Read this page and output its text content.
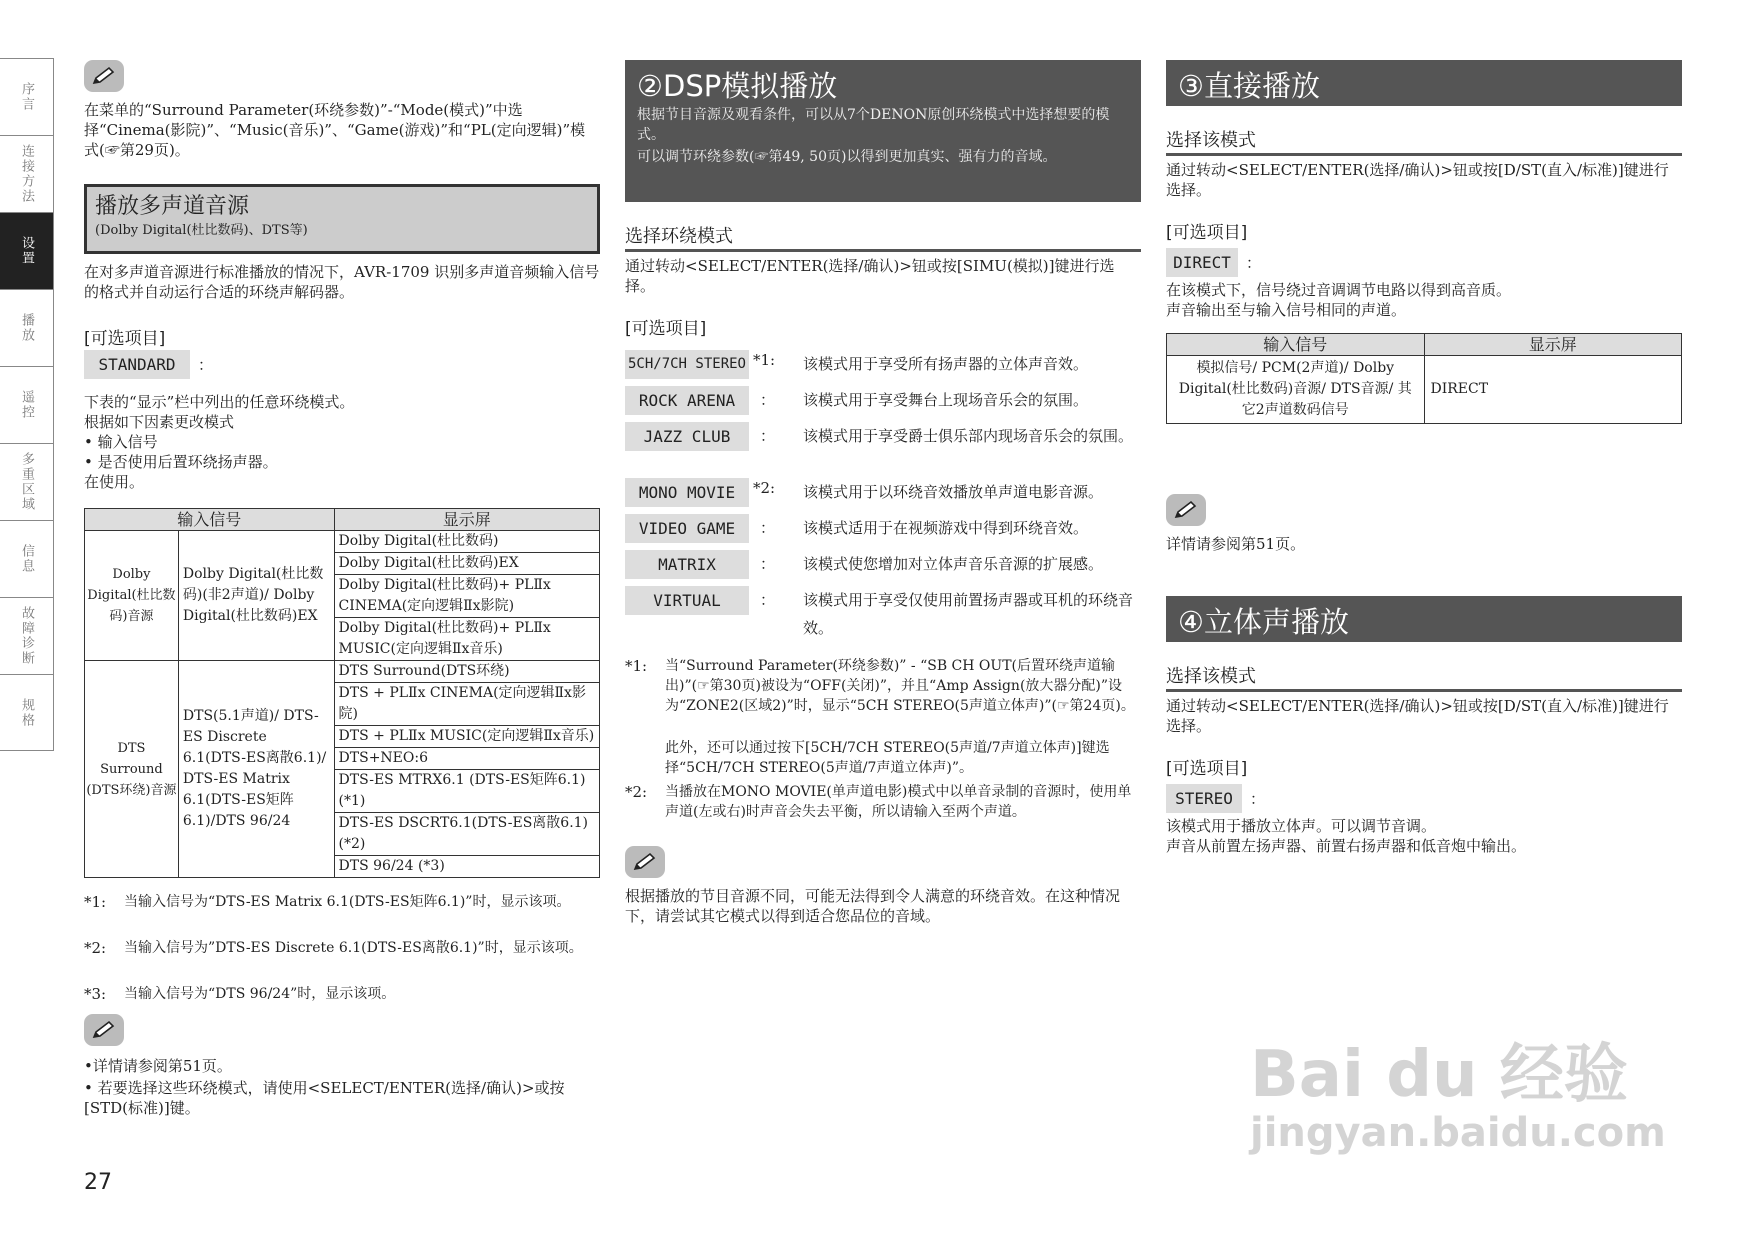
序言
连接方法
设置
播放
遥控
多重区域
信息
故障诊断
规格
在菜单的“Surround Parameter(环绕参数)”-“Mode(模式)”中选择“Cinema(影院)”、“Music(音乐)”、“Game(游戏)”和“PL(定向逻辑)”模式(☞第29页)。
播放多声道音源
(Dolby Digital(杜比数码)、DTS等)
在对多声道音源进行标准播放的情况下，AVR-1709 识别多声道音频输入信号的格式并自动运行合适的环绕声解码器。
[可选项目]
STANDARD	：
下表的“显示”栏中列出的任意环绕模式。
根据如下因素更改模式
• 输入信号
• 是否使用后置环绕扬声器。
在使用。
输入信号		显示屏
Dolby Digital(杜比数码)音源	Dolby Digital(杜比数码)(非2声道)/ Dolby Digital(杜比数码)EX	Dolby Digital(杜比数码)
		Dolby Digital(杜比数码)EX
		Dolby Digital(杜比数码)+ PLⅡx CINEMA(定向逻辑Ⅱx影院)
		Dolby Digital(杜比数码)+ PLⅡx MUSIC(定向逻辑Ⅱx音乐)
DTS Surround (DTS环绕)音源	DTS(5.1声道)/ DTS-ES Discrete 6.1(DTS-ES离散6.1)/ DTS-ES Matrix 6.1(DTS-ES矩阵6.1)/DTS 96/24	DTS Surround(DTS环绕)
		DTS + PLⅡx CINEMA(定向逻辑Ⅱx影院)
		DTS + PLⅡx MUSIC(定向逻辑Ⅱx音乐)
		DTS+NEO:6
		DTS-ES MTRX6.1 (DTS-ES矩阵6.1)(*1)
		DTS-ES DSCRT6.1(DTS-ES离散6.1)(*2)
		DTS 96/24 (*3)
*1: 当输入信号为“DTS-ES Matrix 6.1(DTS-ES矩阵6.1)”时，显示该项。
*2: 当输入信号为”DTS-ES Discrete 6.1(DTS-ES离散6.1)”时，显示该项。
*3: 当输入信号为“DTS 96/24”时，显示该项。
•详情请参阅第51页。
• 若要选择这些环绕模式，请使用<SELECT/ENTER(选择/确认)>或按[STD(标准)]键。
27
②DSP模拟播放
根据节目音源及观看条件，可以从7个DENON原创环绕模式中选择想要的模式。
可以调节环绕参数(☞第49, 50页)以得到更加真实、强有力的音域。
选择环绕模式
通过转动<SELECT/ENTER(选择/确认)>钮或按[SIMU(模拟)]键进行选择。
[可选项目]
5CH/7CH STEREO *1: 该模式用于享受所有扬声器的立体声音效。
ROCK ARENA	： 该模式用于享受舞台上现场音乐会的氛围。
JAZZ CLUB	： 该模式用于享受爵士俱乐部内现场音乐会的氛围。
MONO MOVIE	*2: 该模式用于以环绕音效播放单声道电影音源。
VIDEO GAME	： 该模式适用于在视频游戏中得到环绕音效。
MATRIX	： 该模式使您增加对立体声音乐音源的扩展感。
VIRTUAL	： 该模式用于享受仅使用前置扬声器或耳机的环绕音效。
*1: 当“Surround Parameter(环绕参数)” - “SB CH OUT(后置环绕声道输出)”(☞第30页)被设为“OFF(关闭)”，并且“Amp Assign(放大器分配)”设为“ZONE2(区域2)”时，显示“5CH STEREO(5声道立体声)”(☞第24页)。
此外，还可以通过按下[5CH/7CH STEREO(5声道/7声道立体声)]键选择“5CH/7CH STEREO(5声道/7声道立体声)”。
*2: 当播放在MONO MOVIE(单声道电影)模式中以单音录制的音源时，使用单声道(左或右)时声音会失去平衡，所以请输入至两个声道。
根据播放的节目音源不同，可能无法得到令人满意的环绕音效。在这种情况下，请尝试其它模式以得到适合您品位的音域。
③直接播放
选择该模式
通过转动<SELECT/ENTER(选择/确认)>钮或按[D/ST(直入/标准)]键进行选择。
[可选项目]
DIRECT	：
在该模式下，信号绕过音调调节电路以得到高音质。
声音输出至与输入信号相同的声道。
输入信号	显示屏
模拟信号/ PCM(2声道)/ Dolby Digital(杜比数码)音源/ DTS音源/ 其它2声道数码信号	DIRECT
详情请参阅第51页。
④立体声播放
选择该模式
通过转动<SELECT/ENTER(选择/确认)>钮或按[D/ST(直入/标准)]键进行选择。
[可选项目]
STEREO	：
该模式用于播放立体声。可以调节音调。
声音从前置左扬声器、前置右扬声器和低音炮中输出。
Bai du 经验
jingyan.baidu.com
